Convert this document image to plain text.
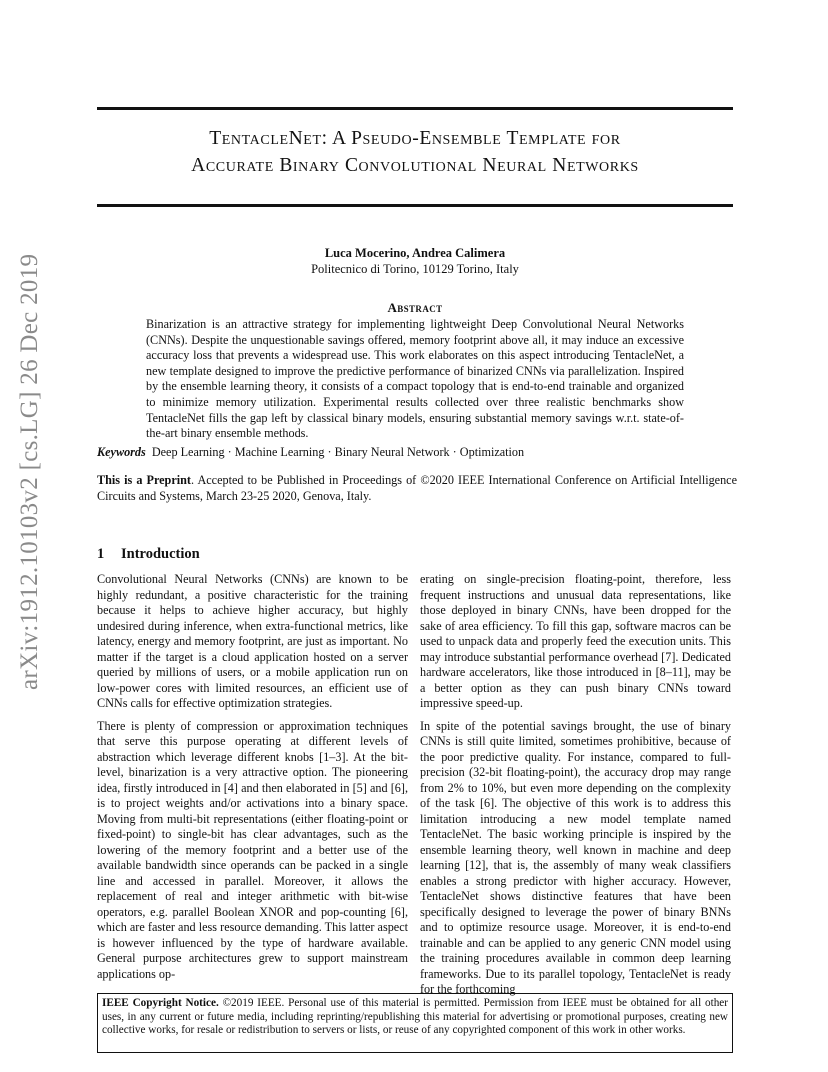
arXiv:1912.10103v2 [cs.LG] 26 Dec 2019
TentacleNet: A Pseudo-Ensemble Template for
Accurate Binary Convolutional Neural Networks
Luca Mocerino, Andrea Calimera
Politecnico di Torino, 10129 Torino, Italy
Abstract
Binarization is an attractive strategy for implementing lightweight Deep Convolutional Neural Networks (CNNs). Despite the unquestionable savings offered, memory footprint above all, it may induce an excessive accuracy loss that prevents a widespread use. This work elaborates on this aspect introducing TentacleNet, a new template designed to improve the predictive performance of binarized CNNs via parallelization. Inspired by the ensemble learning theory, it consists of a compact topology that is end-to-end trainable and organized to minimize memory utilization. Experimental results collected over three realistic benchmarks show TentacleNet fills the gap left by classical binary models, ensuring substantial memory savings w.r.t. state-of-the-art binary ensemble methods.
Keywords Deep Learning · Machine Learning · Binary Neural Network · Optimization
This is a Preprint. Accepted to be Published in Proceedings of ©2020 IEEE International Conference on Artificial Intelligence Circuits and Systems, March 23-25 2020, Genova, Italy.
1 Introduction

Convolutional Neural Networks (CNNs) are known to be highly redundant, a positive characteristic for the training because it helps to achieve higher accuracy, but highly undesired during inference, when extra-functional metrics, like latency, energy and memory footprint, are just as important. No matter if the target is a cloud application hosted on a server queried by millions of users, or a mobile application run on low-power cores with limited resources, an efficient use of CNNs calls for effective optimization strategies.

There is plenty of compression or approximation techniques that serve this purpose operating at different levels of abstraction which leverage different knobs [1–3]. At the bit-level, binarization is a very attractive option. The pioneering idea, firstly introduced in [4] and then elaborated in [5] and [6], is to project weights and/or activations into a binary space. Moving from multi-bit representations (either floating-point or fixed-point) to single-bit has clear advantages, such as the lowering of the memory footprint and a better use of the available bandwidth since operands can be packed in a single line and accessed in parallel. Moreover, it allows the replacement of real and integer arithmetic with bit-wise operators, e.g. parallel Boolean XNOR and pop-counting [6], which are faster and less resource demanding. This latter aspect is however influenced by the type of hardware available. General purpose architectures grew to support mainstream applications op-

erating on single-precision floating-point, therefore, less frequent instructions and unusual data representations, like those deployed in binary CNNs, have been dropped for the sake of area efficiency. To fill this gap, software macros can be used to unpack data and properly feed the execution units. This may introduce substantial performance overhead [7]. Dedicated hardware accelerators, like those introduced in [8–11], may be a better option as they can push binary CNNs toward impressive speed-up.

In spite of the potential savings brought, the use of binary CNNs is still quite limited, sometimes prohibitive, because of the poor predictive quality. For instance, compared to full-precision (32-bit floating-point), the accuracy drop may range from 2% to 10%, but even more depending on the complexity of the task [6]. The objective of this work is to address this limitation introducing a new model template named TentacleNet. The basic working principle is inspired by the ensemble learning theory, well known in machine and deep learning [12], that is, the assembly of many weak classifiers enables a strong predictor with higher accuracy. However, TentacleNet shows distinctive features that have been specifically designed to leverage the power of binary BNNs and to optimize resource usage. Moreover, it is end-to-end trainable and can be applied to any generic CNN model using the training procedures available in common deep learning frameworks. Due to its parallel topology, TentacleNet is ready for the forthcoming

IEEE Copyright Notice. ©2019 IEEE. Personal use of this material is permitted. Permission from IEEE must be obtained for all other uses, in any current or future media, including reprinting/republishing this material for advertising or promotional purposes, creating new collective works, for resale or redistribution to servers or lists, or reuse of any copyrighted component of this work in other works.
